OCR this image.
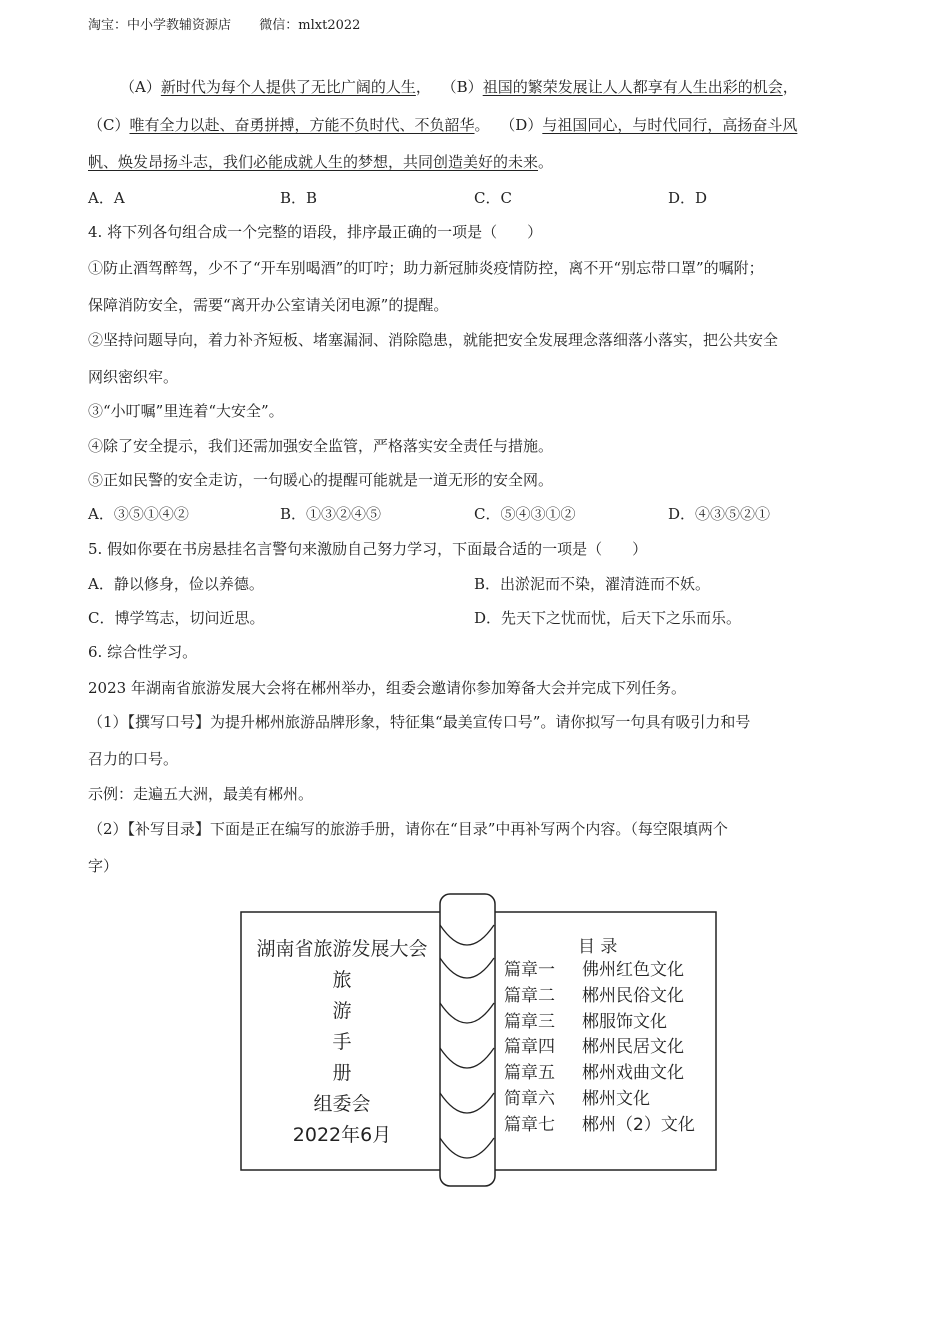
淘宝：中小学教辅资源店 微信：mlxt2022
（A）新时代为每个人提供了无比广阔的人生， （B）祖国的繁荣发展让人人都享有人生出彩的机会，
（C）唯有全力以赴、奋勇拼搏，方能不负时代、不负韶华。 （D）与祖国同心，与时代同行，高扬奋斗风
帆、焕发昂扬斗志，我们必能成就人生的梦想，共同创造美好的未来。
A．A	B．B	C．C	D．D
4. 将下列各句组合成一个完整的语段，排序最正确的一项是（　　）
①防止酒驾醉驾，少不了“开车别喝酒”的叮咛；助力新冠肺炎疫情防控，离不开“别忘带口罩”的嘱附；
保障消防安全，需要“离开办公室请关闭电源”的提醒。
②坚持问题导向，着力补齐短板、堵塞漏洞、消除隐患，就能把安全发展理念落细落小落实，把公共安全
网织密织牢。
③“小叮嘱”里连着“大安全”。
④除了安全提示，我们还需加强安全监管，严格落实安全责任与措施。
⑤正如民警的安全走访，一句暖心的提醒可能就是一道无形的安全网。
A．③⑤①④②	B．①③②④⑤	C．⑤④③①②	D．④③⑤②①
5. 假如你要在书房悬挂名言警句来激励自己努力学习，下面最合适的一项是（　　）
A．静以修身，俭以养德。	B．出淤泥而不染，濯清涟而不妖。
C．博学笃志，切问近思。	D．先天下之忧而忧，后天下之乐而乐。
6. 综合性学习。
2023 年湖南省旅游发展大会将在郴州举办，组委会邀请你参加筹备大会并完成下列任务。
（1）【撰写口号】为提升郴州旅游品牌形象，特征集“最美宣传口号”。请你拟写一句具有吸引力和号
召力的口号。
示例：走遍五大洲，最美有郴州。
（2）【补写目录】下面是正在编写的旅游手册，请你在“目录”中再补写两个内容。（每空限填两个
字）
湖南省旅游发展大会
旅
游
手
册
组委会
2022年6月
目 录
篇章一 佛州红色文化
篇章二 郴州民俗文化
篇章三 郴服饰文化
篇章四 郴州民居文化
篇章五 郴州戏曲文化
简章六 郴州文化
篇章七 郴州（2）文化
